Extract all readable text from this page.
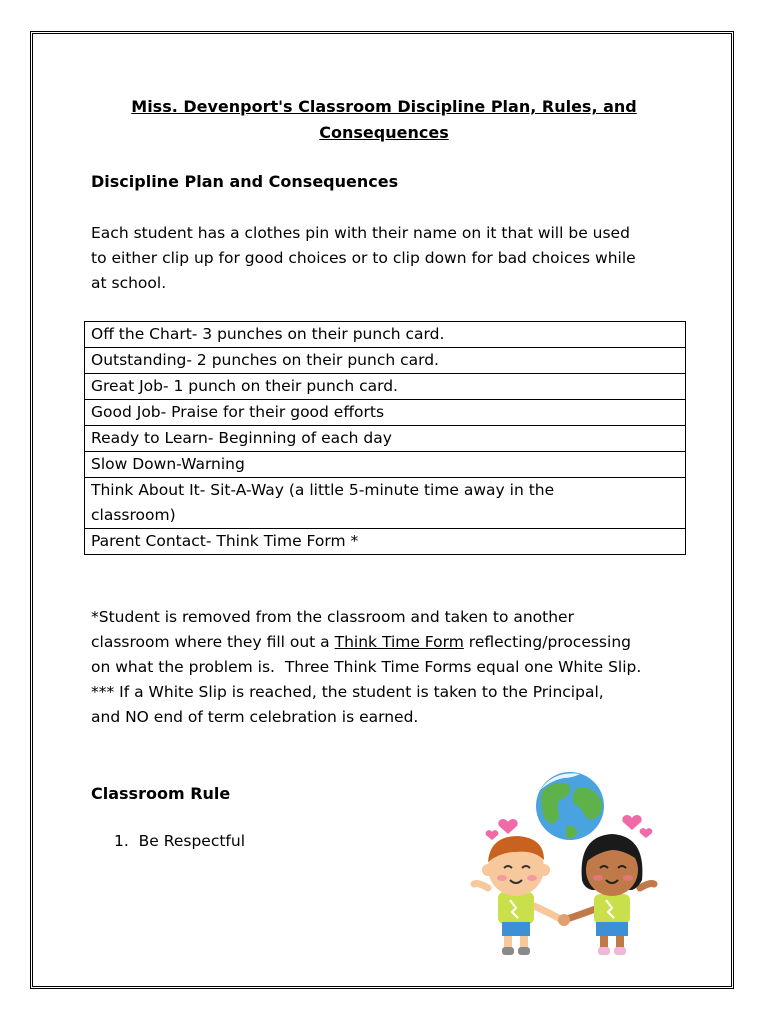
Miss. Devenport's Classroom Discipline Plan, Rules, and
Consequences
Discipline Plan and Consequences
Each student has a clothes pin with their name on it that will be used
to either clip up for good choices or to clip down for bad choices while
at school.
Off the Chart- 3 punches on their punch card.
Outstanding- 2 punches on their punch card.
Great Job- 1 punch on their punch card.
Good Job- Praise for their good efforts
Ready to Learn- Beginning of each day
Slow Down-Warning
Think About It- Sit-A-Way (a little 5-minute time away in the classroom)
Parent Contact- Think Time Form *
*Student is removed from the classroom and taken to another
classroom where they fill out a Think Time Form reflecting/processing
on what the problem is.  Three Think Time Forms equal one White Slip.
*** If a White Slip is reached, the student is taken to the Principal,
and NO end of term celebration is earned.
Classroom Rule
1. Be Respectful
